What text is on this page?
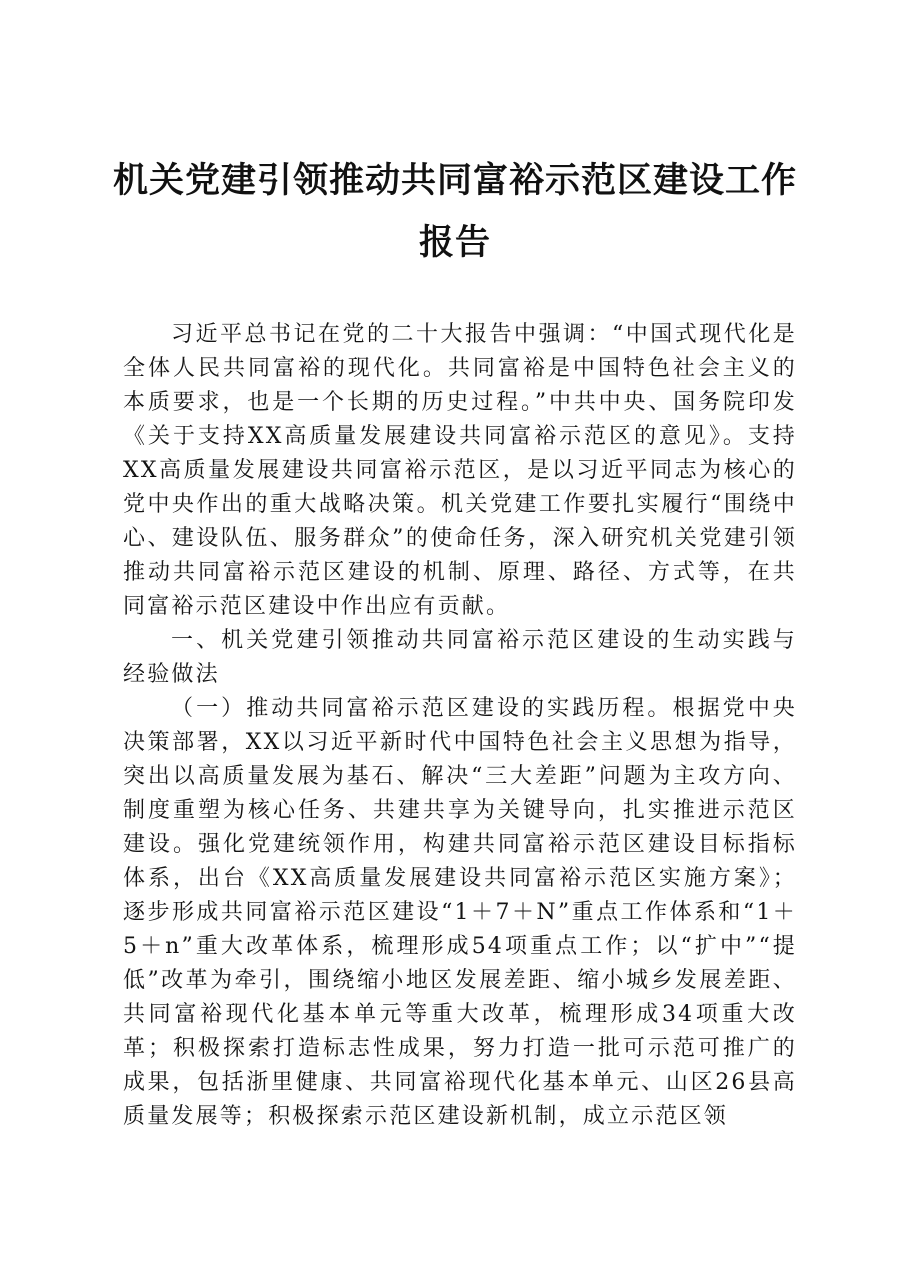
机关党建引领推动共同富裕示范区建设工作报告

习近平总书记在党的二十大报告中强调：“中国式现代化是全体人民共同富裕的现代化。共同富裕是中国特色社会主义的本质要求，也是一个长期的历史过程。”中共中央、国务院印发《关于支持XX高质量发展建设共同富裕示范区的意见》。支持XX高质量发展建设共同富裕示范区，是以习近平同志为核心的党中央作出的重大战略决策。机关党建工作要扎实履行“围绕中心、建设队伍、服务群众”的使命任务，深入研究机关党建引领推动共同富裕示范区建设的机制、原理、路径、方式等，在共同富裕示范区建设中作出应有贡献。

一、机关党建引领推动共同富裕示范区建设的生动实践与经验做法

（一）推动共同富裕示范区建设的实践历程。根据党中央决策部署，XX以习近平新时代中国特色社会主义思想为指导，突出以高质量发展为基石、解决“三大差距”问题为主攻方向、制度重塑为核心任务、共建共享为关键导向，扎实推进示范区建设。强化党建统领作用，构建共同富裕示范区建设目标指标体系，出台《XX高质量发展建设共同富裕示范区实施方案》；逐步形成共同富裕示范区建设“1＋7＋N”重点工作体系和“1＋5＋n”重大改革体系，梳理形成54项重点工作；以“扩中”“提低”改革为牵引，围绕缩小地区发展差距、缩小城乡发展差距、共同富裕现代化基本单元等重大改革，梳理形成34项重大改革；积极探索打造标志性成果，努力打造一批可示范可推广的成果，包括浙里健康、共同富裕现代化基本单元、山区26县高质量发展等；积极探索示范区建设新机制，成立示范区领
